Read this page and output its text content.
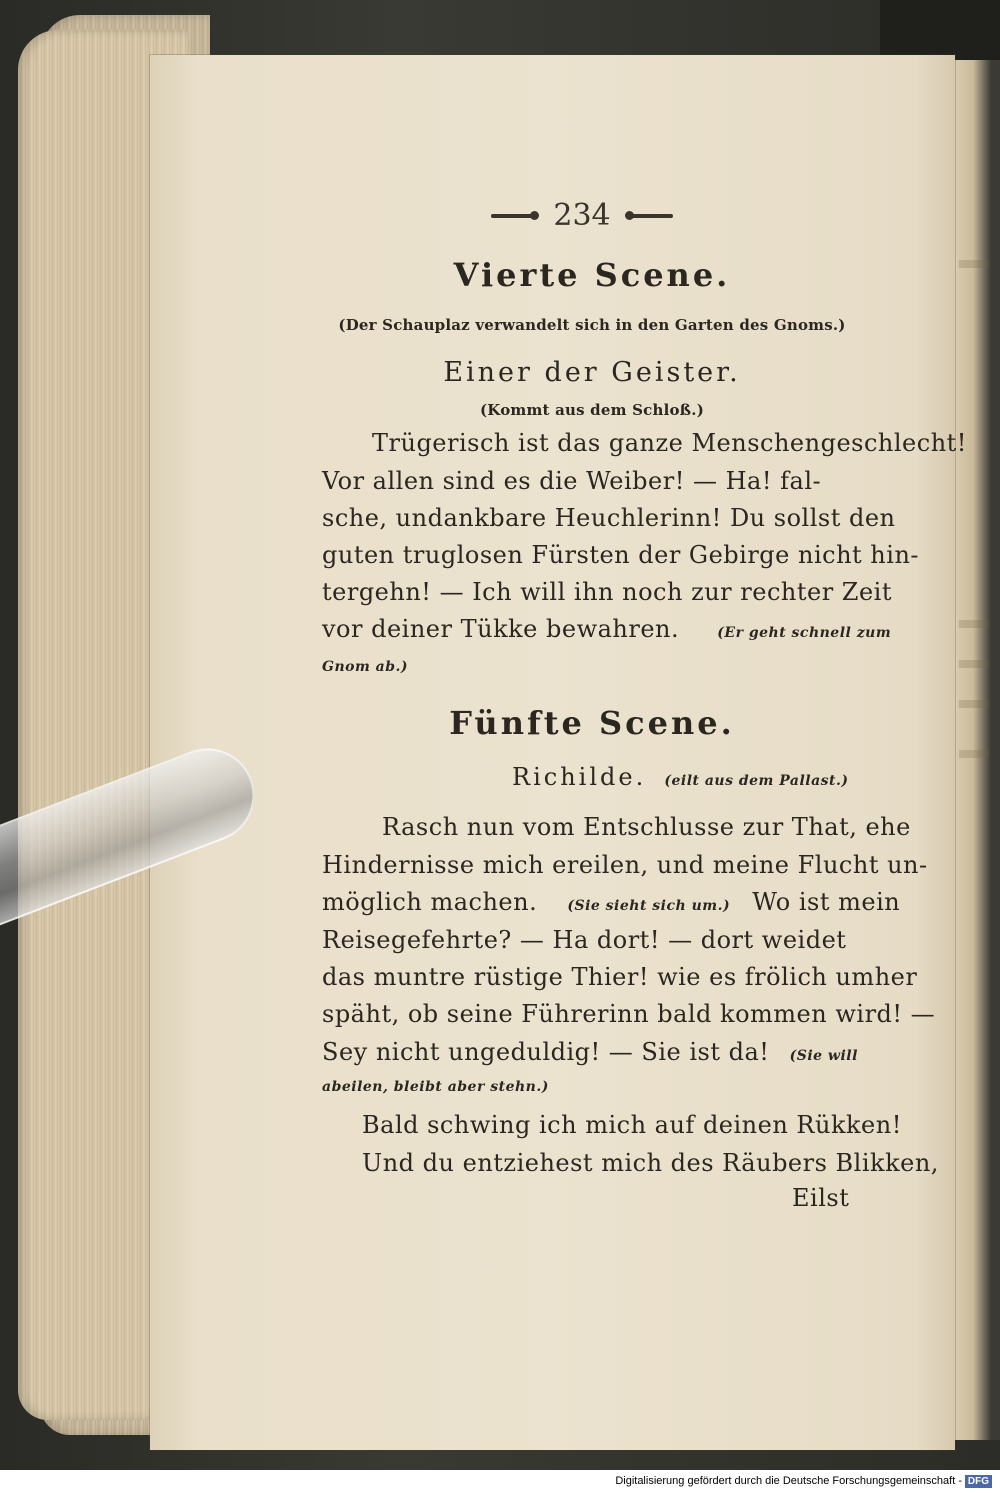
234
Vierte Scene.
(Der Schauplaz verwandelt sich in den Garten des Gnoms.)
Einer der Geister.
(Kommt aus dem Schloß.)
Trügerisch ist das ganze Menschengeschlecht!
Vor allen sind es die Weiber! — Ha! fal-
sche, undankbare Heuchlerinn! Du sollst den
guten truglosen Fürsten der Gebirge nicht hin-
tergehn! — Ich will ihn noch zur rechter Zeit
vor deiner Tükke bewahren.	(Er geht schnell zum
Gnom ab.)
Fünfte Scene.
Richilde. (eilt aus dem Pallast.)
Rasch nun vom Entschlusse zur That, ehe
Hindernisse mich ereilen, und meine Flucht un-
möglich machen. (Sie sieht sich um.) Wo ist mein
Reisegefehrte? — Ha dort! — dort weidet
das muntre rüstige Thier! wie es frölich umher
späht, ob seine Führerinn bald kommen wird! —
Sey nicht ungeduldig! — Sie ist da! (Sie will
abeilen, bleibt aber stehn.)
Bald schwing ich mich auf deinen Rükken!
Und du entziehest mich des Räubers Blikken,
Eilst
Digitalisierung gefördert durch die Deutsche Forschungsgemeinschaft - DFG
